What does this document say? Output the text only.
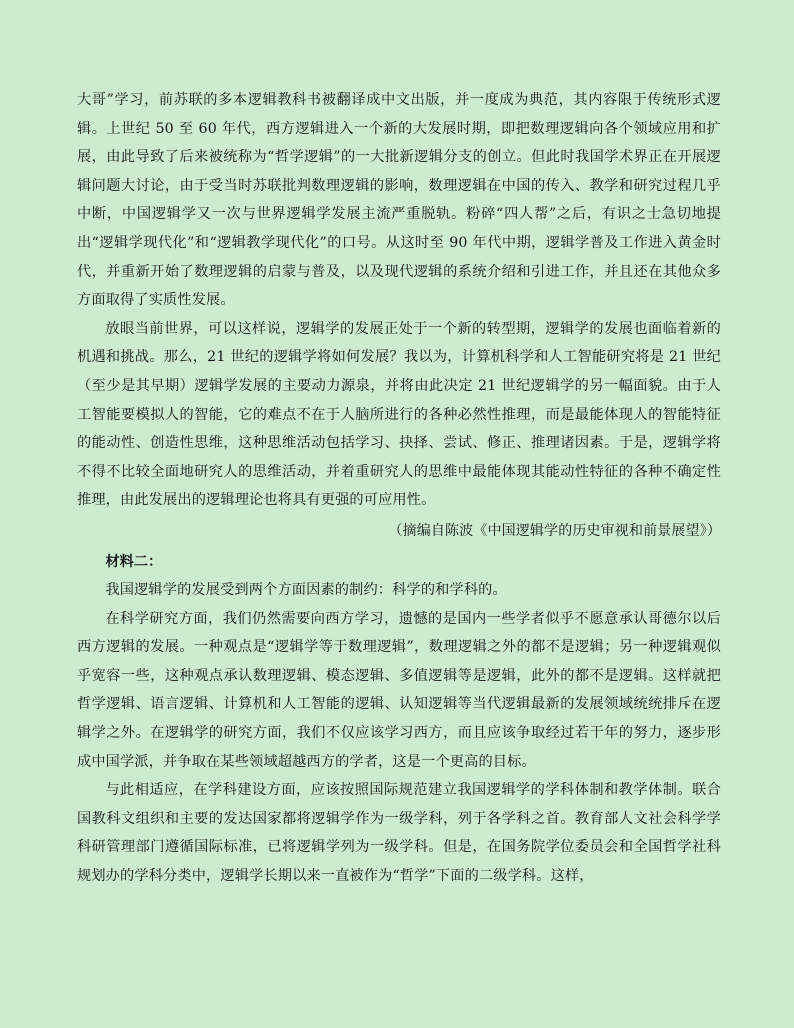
大哥”学习，前苏联的多本逻辑教科书被翻译成中文出版，并一度成为典范，其内容限于传统形式逻辑。上世纪 50 至 60 年代，西方逻辑进入一个新的大发展时期，即把数理逻辑向各个领域应用和扩展，由此导致了后来被统称为“哲学逻辑”的一大批新逻辑分支的创立。但此时我国学术界正在开展逻辑问题大讨论，由于受当时苏联批判数理逻辑的影响，数理逻辑在中国的传入、教学和研究过程几乎中断，中国逻辑学又一次与世界逻辑学发展主流严重脱轨。粉碎“四人帮”之后，有识之士急切地提出“逻辑学现代化”和“逻辑教学现代化”的口号。从这时至 90 年代中期，逻辑学普及工作进入黄金时代，并重新开始了数理逻辑的启蒙与普及，以及现代逻辑的系统介绍和引进工作，并且还在其他众多方面取得了实质性发展。

放眼当前世界，可以这样说，逻辑学的发展正处于一个新的转型期，逻辑学的发展也面临着新的机遇和挑战。那么，21 世纪的逻辑学将如何发展？我以为，计算机科学和人工智能研究将是 21 世纪（至少是其早期）逻辑学发展的主要动力源泉，并将由此决定 21 世纪逻辑学的另一幅面貌。由于人工智能要模拟人的智能，它的难点不在于人脑所进行的各种必然性推理，而是最能体现人的智能特征的能动性、创造性思维，这种思维活动包括学习、抉择、尝试、修正、推理诸因素。于是，逻辑学将不得不比较全面地研究人的思维活动，并着重研究人的思维中最能体现其能动性特征的各种不确定性推理，由此发展出的逻辑理论也将具有更强的可应用性。

（摘编自陈波《中国逻辑学的历史审视和前景展望》）

材料二：

我国逻辑学的发展受到两个方面因素的制约：科学的和学科的。

在科学研究方面，我们仍然需要向西方学习，遗憾的是国内一些学者似乎不愿意承认哥德尔以后西方逻辑的发展。一种观点是“逻辑学等于数理逻辑”，数理逻辑之外的都不是逻辑；另一种逻辑观似乎宽容一些，这种观点承认数理逻辑、模态逻辑、多值逻辑等是逻辑，此外的都不是逻辑。这样就把哲学逻辑、语言逻辑、计算机和人工智能的逻辑、认知逻辑等当代逻辑最新的发展领域统统排斥在逻辑学之外。在逻辑学的研究方面，我们不仅应该学习西方，而且应该争取经过若干年的努力，逐步形成中国学派，并争取在某些领域超越西方的学者，这是一个更高的目标。

与此相适应，在学科建设方面，应该按照国际规范建立我国逻辑学的学科体制和教学体制。联合国教科文组织和主要的发达国家都将逻辑学作为一级学科，列于各学科之首。教育部人文社会科学学科研管理部门遵循国际标准，已将逻辑学列为一级学科。但是，在国务院学位委员会和全国哲学社科规划办的学科分类中，逻辑学长期以来一直被作为“哲学”下面的二级学科。这样，
